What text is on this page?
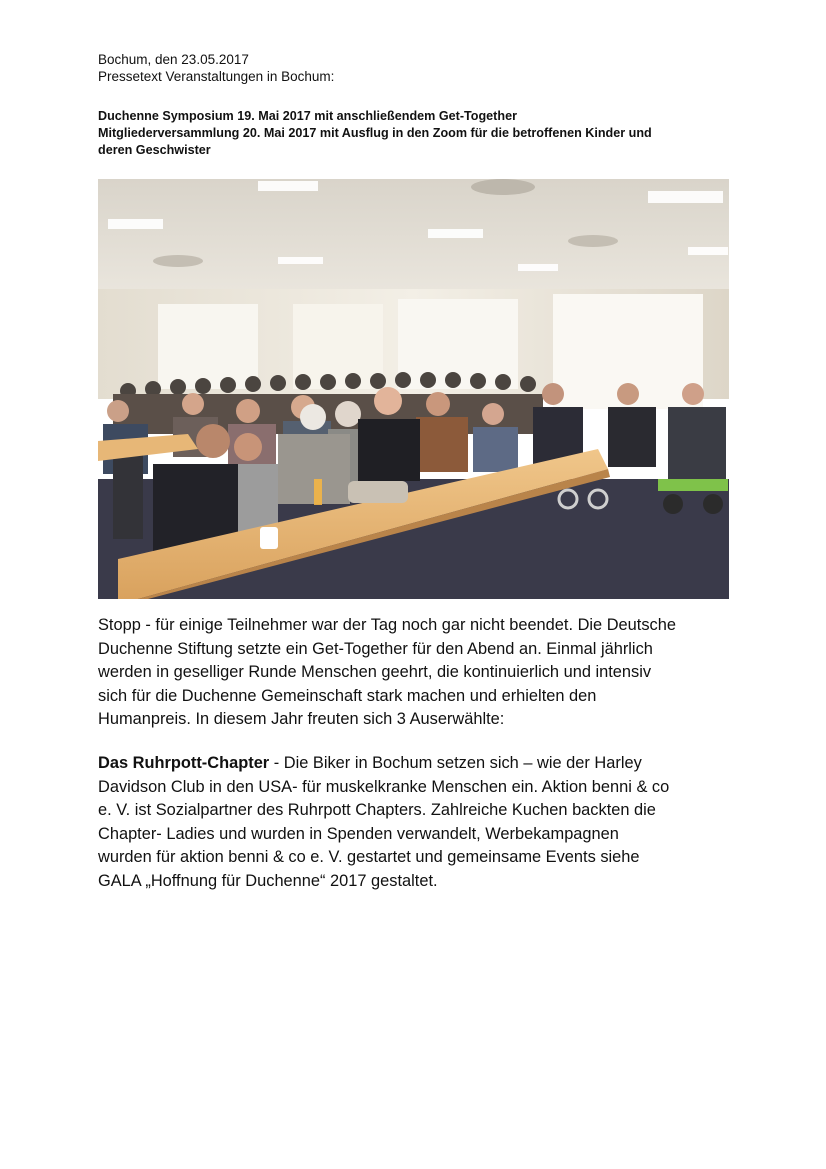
Bochum, den 23.05.2017
Pressetext Veranstaltungen in Bochum:
Duchenne Symposium 19. Mai 2017 mit anschließendem Get-Together
Mitgliederversammlung 20. Mai 2017 mit Ausflug in den Zoom für die betroffenen Kinder und
deren Geschwister
Stopp - für einige Teilnehmer war der Tag noch gar nicht beendet. Die Deutsche
Duchenne Stiftung setzte ein Get-Together für den Abend an. Einmal jährlich
werden in geselliger Runde Menschen geehrt, die kontinuierlich und intensiv
sich für die Duchenne Gemeinschaft stark machen und erhielten den
Humanpreis. In diesem Jahr freuten sich 3 Auserwählte:
Das Ruhrpott-Chapter - Die Biker in Bochum setzen sich – wie der Harley
Davidson Club in den USA- für muskelkranke Menschen ein. Aktion benni & co
e. V. ist Sozialpartner des Ruhrpott Chapters. Zahlreiche Kuchen backten die
Chapter- Ladies und wurden in Spenden verwandelt, Werbekampagnen
wurden für aktion benni & co e. V. gestartet und gemeinsame Events siehe
GALA „Hoffnung für Duchenne“ 2017 gestaltet.
